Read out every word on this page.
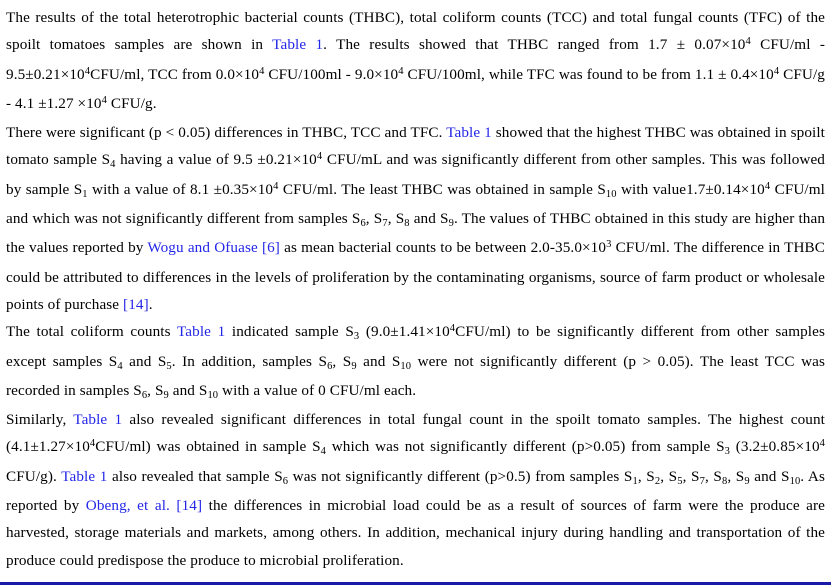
The results of the total heterotrophic bacterial counts (THBC), total coliform counts (TCC) and total fungal counts (TFC) of the spoilt tomatoes samples are shown in Table 1. The results showed that THBC ranged from $1.7 \pm 0.07\times 10^4$ $CFU/ml - 9.5\pm 0.21\times 10^4CFU/ml$, TCC from $0.0\times 10^4$ $CFU/100ml - 9.0\times 10^4$ CFU/100ml, while TFC was found to be from $1.1 \pm 0.4\times 10^4$ $CFU/g - 4.1 \pm 1.27 \times 10^4$ CFU/g.

There were significant (p < 0.05) differences in THBC, TCC and TFC. Table 1 showed that the highest THBC was obtained in spoilt tomato sample $S_4$ having a value of $9.5 \pm 0.21\times 10^4$ CFU/mL and was significantly different from other samples. This was followed by sample $S_1$ with a value of $8.1 \pm 0.35\times 10^4$ CFU/ml. The least THBC was obtained in sample $S_{10}$ with $value1.7\pm 0.14\times 10^4$ CFU/ml and which was not significantly different from samples $S_6$, $S_7$, $S_8$ and $S_9$. The values of THBC obtained in this study are higher than the values reported by Wogu and Ofuase [6] as mean bacterial counts to be between $2.0-35.0\times 10^3$ CFU/ml. The difference in THBC could be attributed to differences in the levels of proliferation by the contaminating organisms, source of farm product or wholesale points of purchase [14].

The total coliform counts Table 1 indicated sample $S_3$ $(9.0\pm 1.41\times 10^4CFU/ml)$ to be significantly different from other samples except samples $S_4$ and $S_5$. In addition, samples $S_6$, $S_9$ and $S_{10}$ were not significantly different (p > 0.05). The least TCC was recorded in samples $S_6$, $S_9$ and $S_{10}$ with a value of 0 CFU/ml each.

Similarly, Table 1 also revealed significant differences in total fungal count in the spoilt tomato samples. The highest count $(4.1\pm 1.27\times 10^4CFU/ml)$ was obtained in sample $S_4$ which was not significantly different (p>0.05) from sample $S_3$ ($3.2\pm 0.85\times 10^4$ CFU/g). Table 1 also revealed that sample $S_6$ was not significantly different (p>0.5) from samples $S_1$, $S_2$, $S_5$, $S_7$, $S_8$, $S_9$ and $S_{10}$. As reported by Obeng, et al. [14] the differences in microbial load could be as a result of sources of farm were the produce are harvested, storage materials and markets, among others. In addition, mechanical injury during handling and transportation of the produce could predispose the produce to microbial proliferation.
